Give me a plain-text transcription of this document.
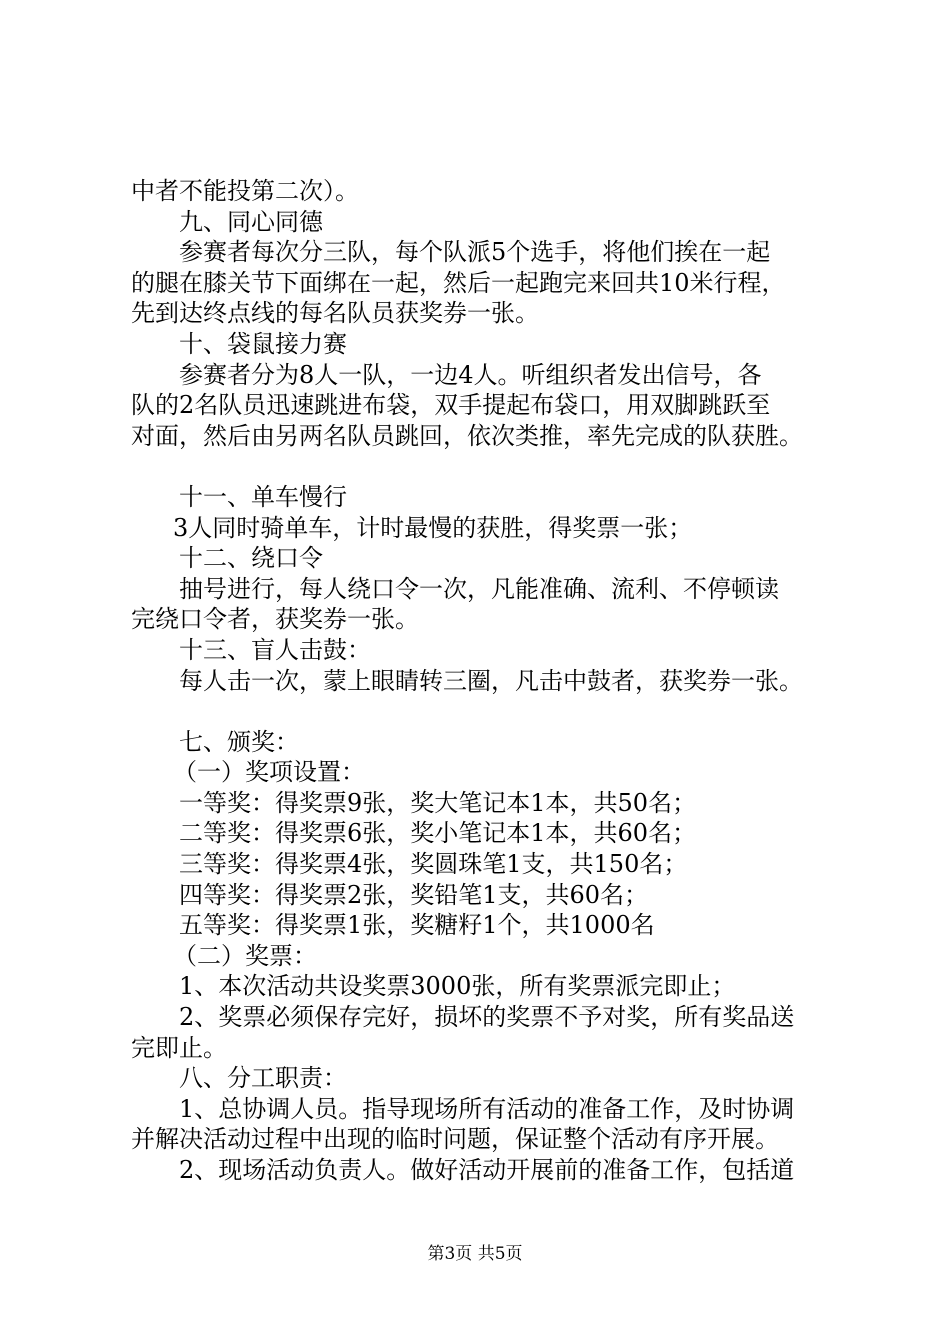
中者不能投第二次）。
九、同心同德
参赛者每次分三队，每个队派5个选手，将他们挨在一起
的腿在膝关节下面绑在一起，然后一起跑完来回共10米行程，
先到达终点线的每名队员获奖券一张。
十、袋鼠接力赛
参赛者分为8人一队，一边4人。听组织者发出信号，各
队的2名队员迅速跳进布袋，双手提起布袋口，用双脚跳跃至
对面，然后由另两名队员跳回，依次类推，率先完成的队获胜。
十一、单车慢行
3人同时骑单车，计时最慢的获胜，得奖票一张；
十二、绕口令
抽号进行，每人绕口令一次，凡能准确、流利、不停顿读
完绕口令者，获奖券一张。
十三、盲人击鼓：
每人击一次，蒙上眼睛转三圈，凡击中鼓者，获奖券一张。
七、颁奖：
（一）奖项设置：
一等奖：得奖票9张，奖大笔记本1本，共50名；
二等奖：得奖票6张，奖小笔记本1本，共60名；
三等奖：得奖票4张，奖圆珠笔1支，共150名；
四等奖：得奖票2张，奖铅笔1支，共60名；
五等奖：得奖票1张，奖糖籽1个，共1000名
（二）奖票：
1、本次活动共设奖票3000张，所有奖票派完即止；
2、奖票必须保存完好，损坏的奖票不予对奖，所有奖品送
完即止。
八、分工职责：
1、总协调人员。指导现场所有活动的准备工作，及时协调
并解决活动过程中出现的临时问题，保证整个活动有序开展。
2、现场活动负责人。做好活动开展前的准备工作，包括道
第3页 共5页
